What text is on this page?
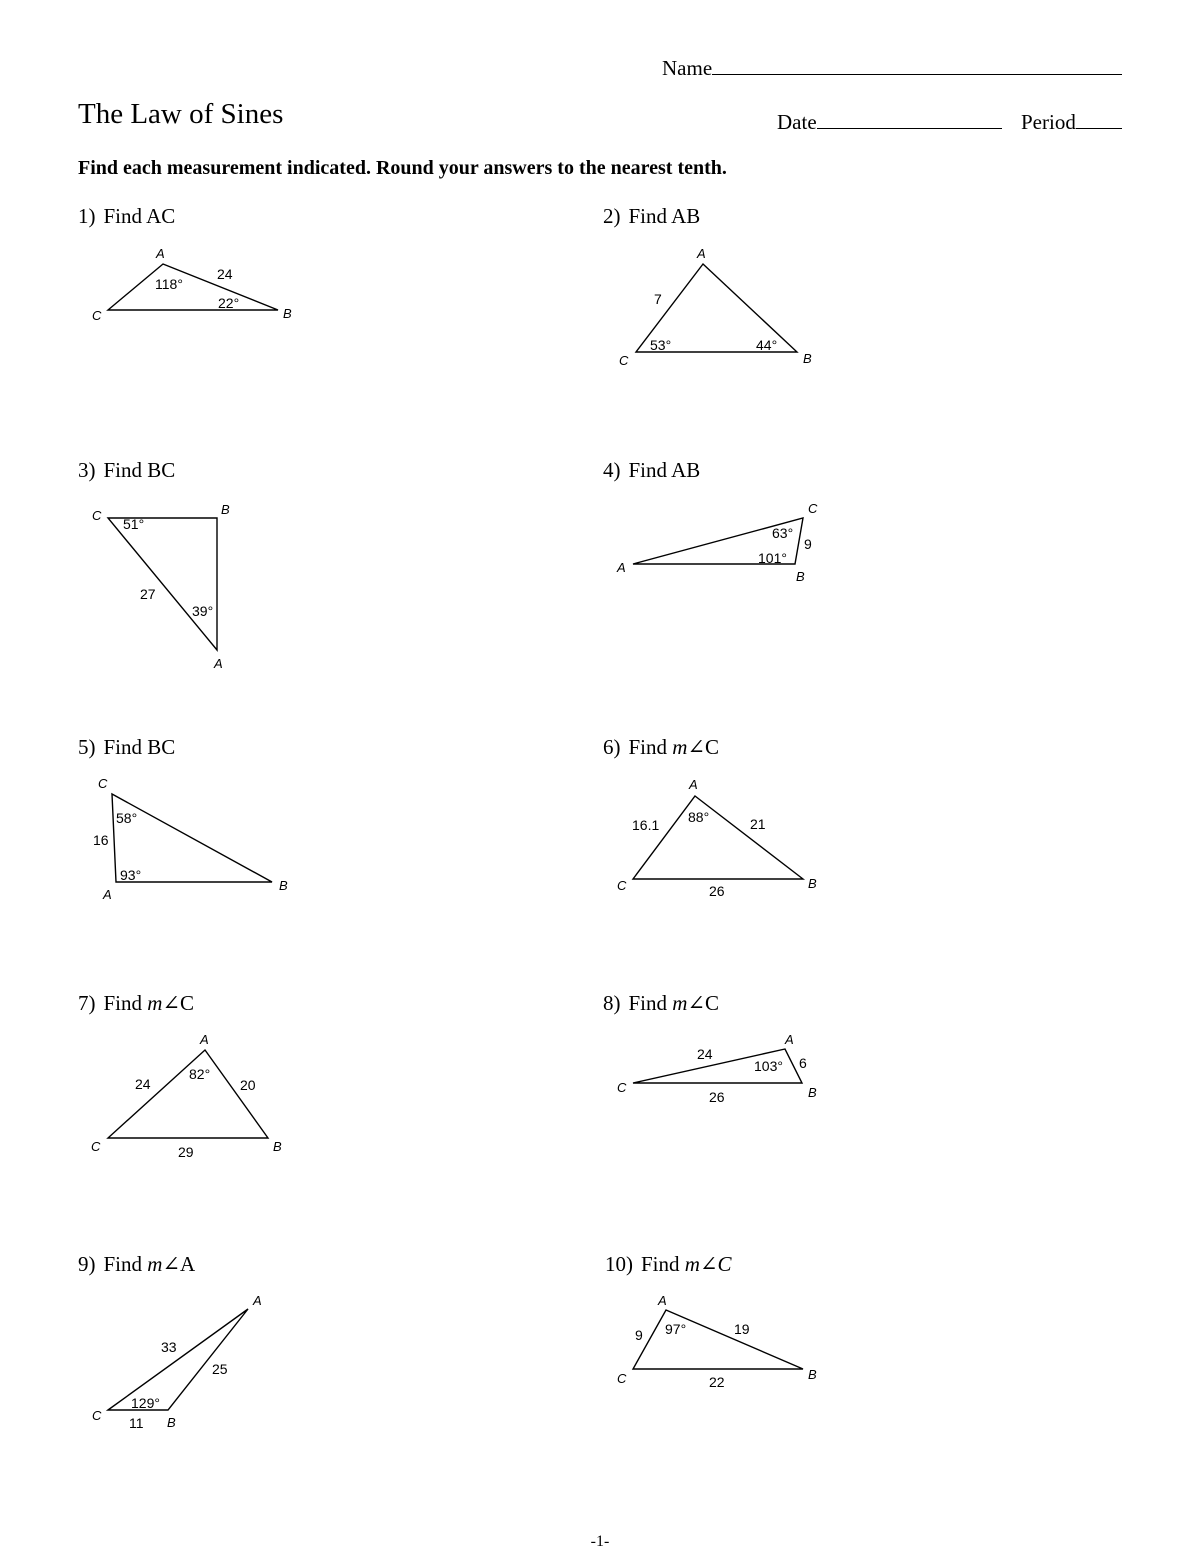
Name
The Law of Sines	Date	Period
Find each measurement indicated. Round your answers to the nearest tenth.
1) Find AC
A
B
C
24
118°
22°
2) Find AB
A
B
C
7
53°	44°
3) Find BC
A
B
C
27
51°
39°
4) Find AB
A
B
C
9
63°
101°
5) Find BC
A
B
C
16
58°
93°
6) Find m∠C
A
B
C
16.1	21
26
88°
7) Find m∠C
A
B
C
24	20
29
82°
8) Find m∠C
A
B
C
24
6
26
103°
9) Find m∠A
A
B
C
33
25
11
129°
10) Find m∠C
A
B
C
9	19
22
97°
-1-
